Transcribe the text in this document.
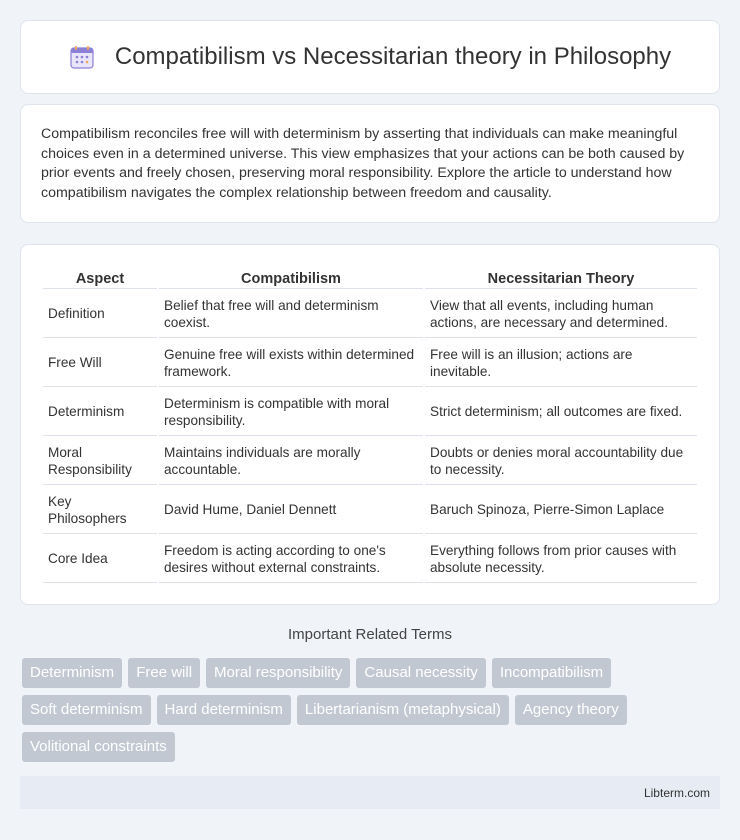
Compatibilism vs Necessitarian theory in Philosophy

Compatibilism reconciles free will with determinism by asserting that individuals can make meaningful choices even in a determined universe. This view emphasizes that your actions can be both caused by prior events and freely chosen, preserving moral responsibility. Explore the article to understand how compatibilism navigates the complex relationship between freedom and causality.

Aspect	Compatibilism	Necessitarian Theory
Definition	Belief that free will and determinism coexist.	View that all events, including human actions, are necessary and determined.
Free Will	Genuine free will exists within determined framework.	Free will is an illusion; actions are inevitable.
Determinism	Determinism is compatible with moral responsibility.	Strict determinism; all outcomes are fixed.
Moral Responsibility	Maintains individuals are morally accountable.	Doubts or denies moral accountability due to necessity.
Key Philosophers	David Hume, Daniel Dennett	Baruch Spinoza, Pierre-Simon Laplace
Core Idea	Freedom is acting according to one's desires without external constraints.	Everything follows from prior causes with absolute necessity.
Important Related Terms
Determinism	Free will	Moral responsibility	Causal necessity	Incompatibilism
Soft determinism	Hard determinism	Libertarianism (metaphysical)	Agency theory
Volitional constraints
Libterm.com
